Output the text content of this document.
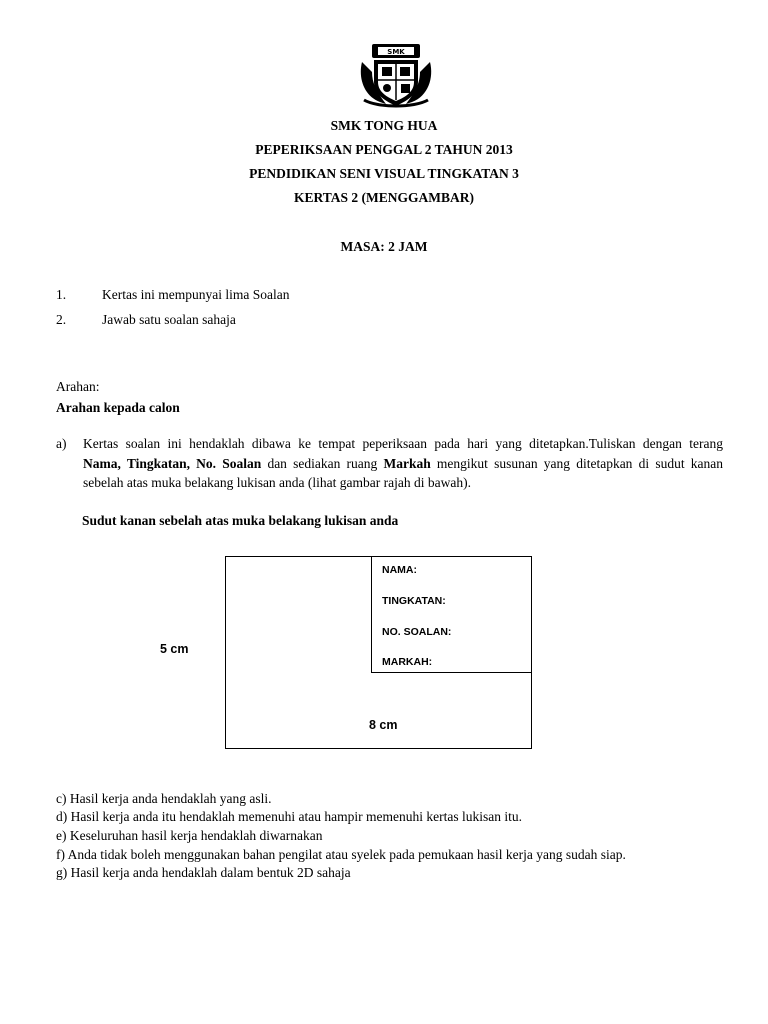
SMK
SMK TONG HUA
PEPERIKSAAN PENGGAL 2 TAHUN 2013
PENDIDIKAN SENI VISUAL TINGKATAN 3
KERTAS 2 (MENGGAMBAR)
MASA: 2 JAM
1.	Kertas ini mempunyai lima Soalan
2.	Jawab satu soalan sahaja
Arahan:
Arahan kepada calon
a) Kertas soalan ini hendaklah dibawa ke tempat peperiksaan pada hari yang ditetapkan.Tuliskan dengan terang
Nama, Tingkatan, No. Soalan dan sediakan ruang Markah mengikut susunan yang ditetapkan di sudut kanan
sebelah atas muka belakang lukisan anda (lihat gambar rajah di bawah).
Sudut kanan sebelah atas muka belakang lukisan anda
NAMA:
TINGKATAN:
NO. SOALAN:
MARKAH:
5 cm
8 cm
c) Hasil kerja anda hendaklah yang asli.
d) Hasil kerja anda itu hendaklah memenuhi atau hampir memenuhi kertas lukisan itu.
e) Keseluruhan hasil kerja hendaklah diwarnakan
f) Anda tidak boleh menggunakan bahan pengilat atau syelek pada pemukaan hasil kerja yang sudah siap.
g) Hasil kerja anda hendaklah dalam bentuk 2D sahaja
